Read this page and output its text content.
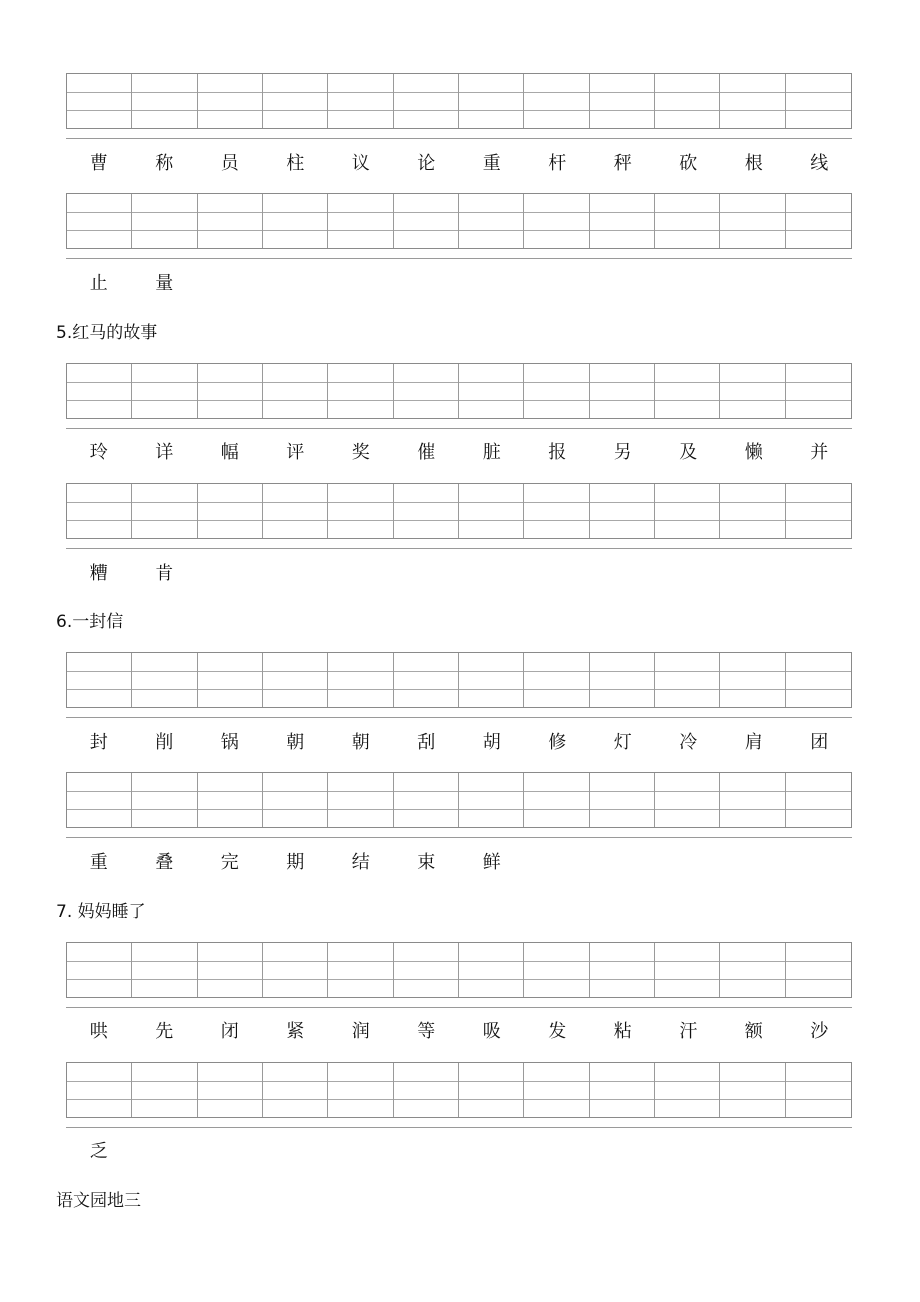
曹	称	员	柱	议	论	重	杆	秤	砍	根	线
止	量
5.红马的故事
玲	详	幅	评	奖	催	脏	报	另	及	懒	并
糟	肯
6.一封信
封	削	锅	朝	朝	刮	胡	修	灯	冷	肩	团
重	叠	完	期	结	束	鲜
7. 妈妈睡了
哄	先	闭	紧	润	等	吸	发	粘	汗	额	沙
乏
语文园地三
